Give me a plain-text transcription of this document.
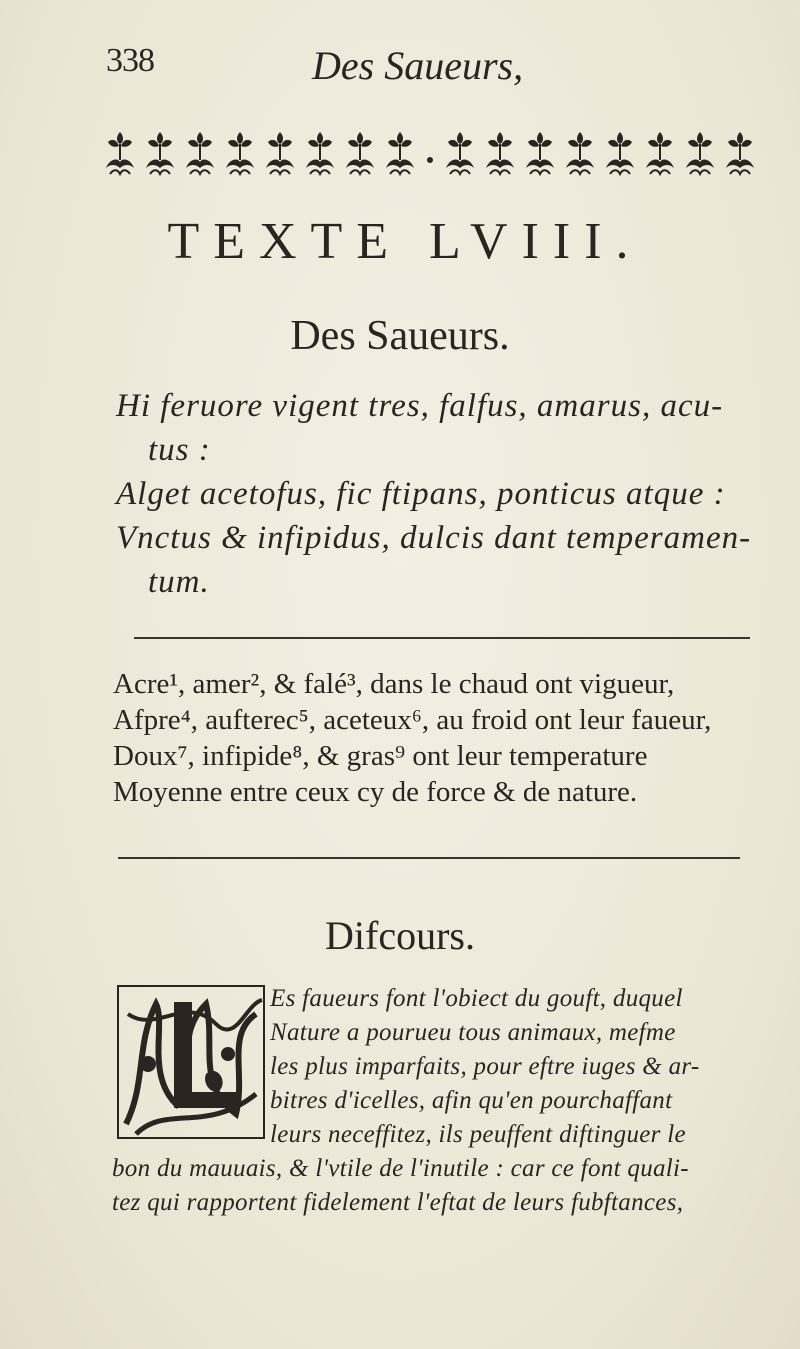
338	Des Saueurs,
TEXTE LVIII.
Des Saueurs.
Hi feruore vigent tres, falfus, amarus, acu-
tus :
Alget acetofus, fic ftipans, ponticus atque :
Vnctus & infipidus, dulcis dant temperamen-
tum.
Acre¹, amer², & falé³, dans le chaud ont vigueur,
Afpre⁴, aufterec⁵, aceteux⁶, au froid ont leur faueur,
Doux⁷, infipide⁸, & gras⁹ ont leur temperature
Moyenne entre ceux cy de force & de nature.
Difcours.
Es faueurs font l'obiect du gouft, duquel
Nature a pourueu tous animaux, mefme
les plus imparfaits, pour eftre iuges & ar-
bitres d'icelles, afin qu'en pourchaffant
leurs neceffitez, ils peuffent diftinguer le
bon du mauuais, & l'vtile de l'inutile : car ce font quali-
tez qui rapportent fidelement l'eftat de leurs fubftances,
